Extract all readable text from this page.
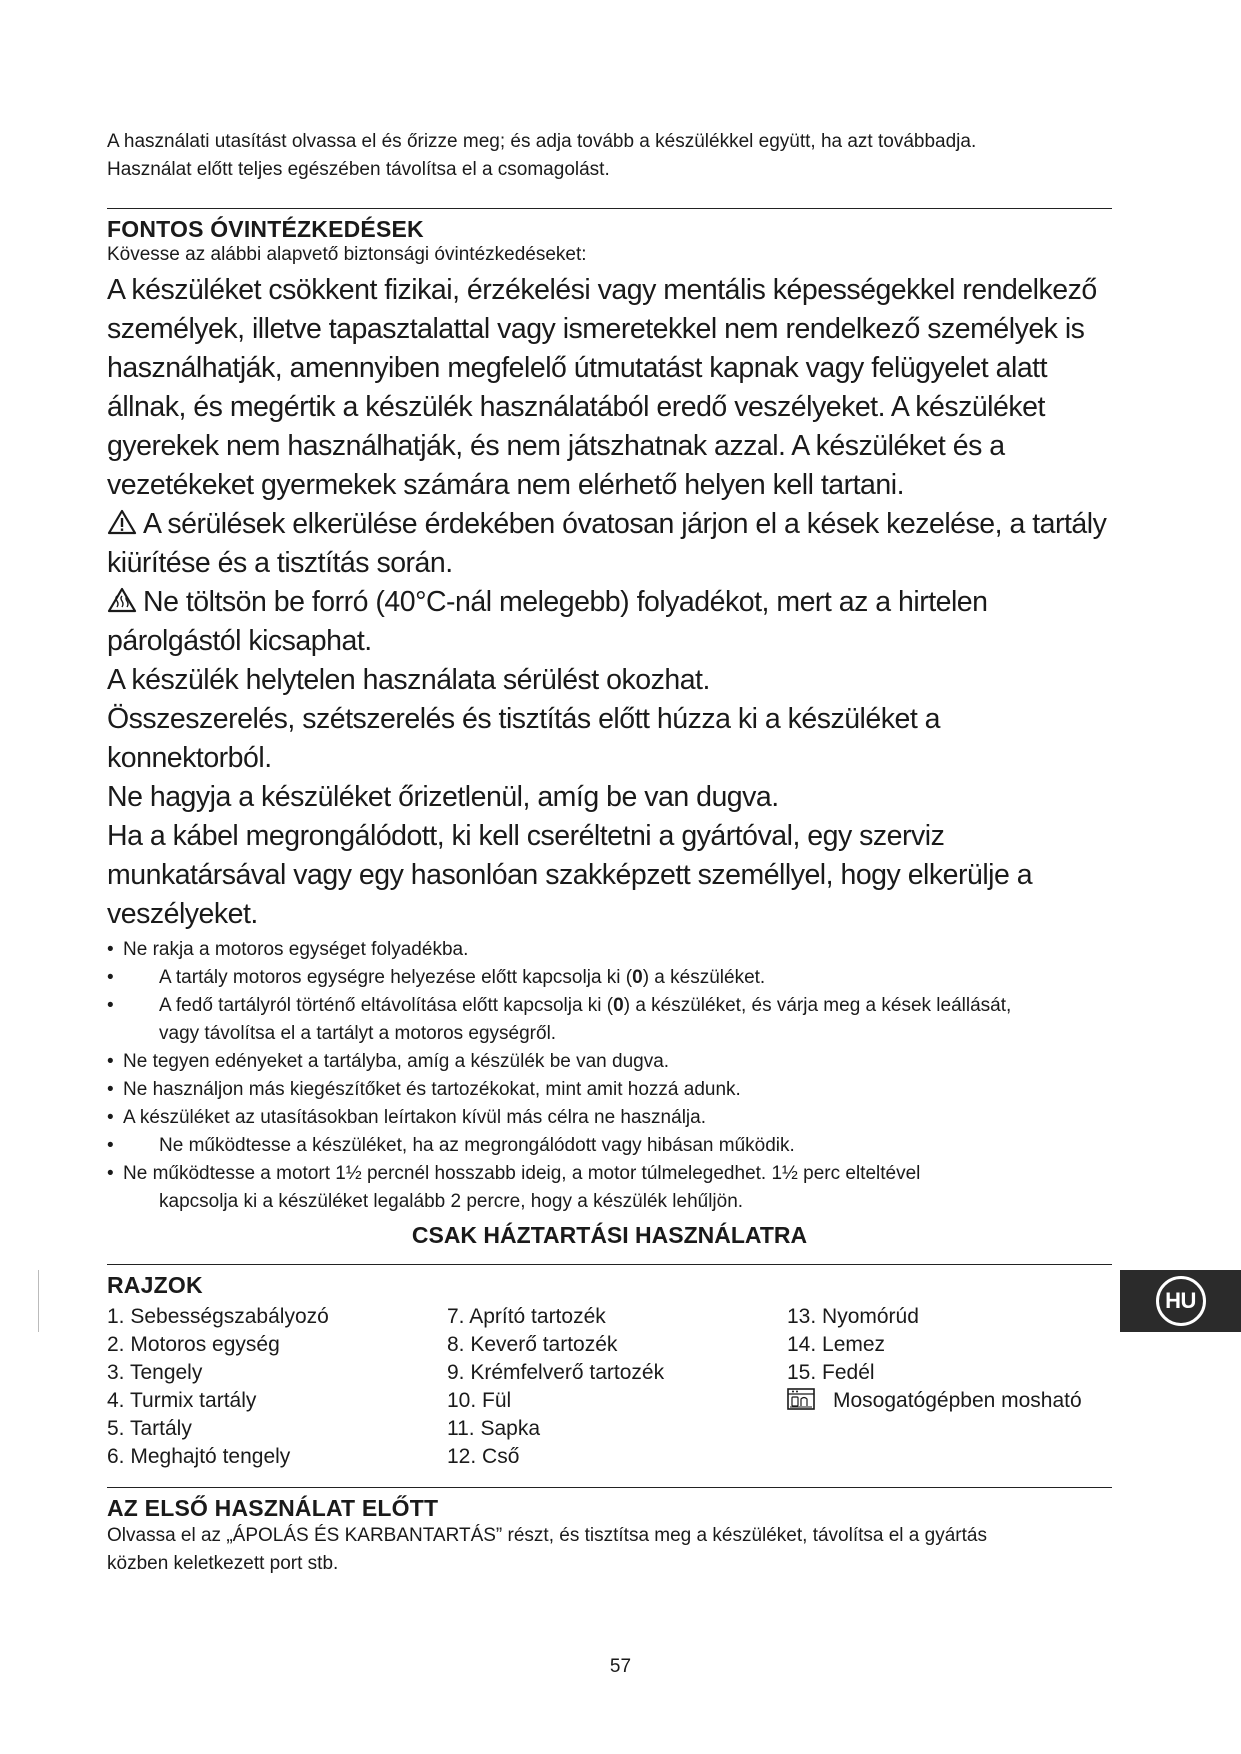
A használati utasítást olvassa el és őrizze meg; és adja tovább a készülékkel együtt, ha azt továbbadja.
Használat előtt teljes egészében távolítsa el a csomagolást.
FONTOS ÓVINTÉZKEDÉSEK
Kövesse az alábbi alapvető biztonsági óvintézkedéseket:

A készüléket csökkent fizikai, érzékelési vagy mentális képességekkel rendelkező személyek, illetve tapasztalattal vagy ismeretekkel nem rendelkező személyek is használhatják, amennyiben megfelelő útmutatást kapnak vagy felügyelet alatt állnak, és megértik a készülék használatából eredő veszélyeket. A készüléket gyerekek nem használhatják, és nem játszhatnak azzal. A készüléket és a vezetékeket gyermekek számára nem elérhető helyen kell tartani.

A sérülések elkerülése érdekében óvatosan járjon el a kések kezelése, a tartály kiürítése és a tisztítás során.

Ne töltsön be forró (40°C-nál melegebb) folyadékot, mert az a hirtelen párolgástól kicsaphat.

A készülék helytelen használata sérülést okozhat.

Összeszerelés, szétszerelés és tisztítás előtt húzza ki a készüléket a konnektorból.

Ne hagyja a készüléket őrizetlenül, amíg be van dugva.

Ha a kábel megrongálódott, ki kell cseréltetni a gyártóval, egy szerviz munkatársával vagy egy hasonlóan szakképzett személlyel, hogy elkerülje a veszélyeket.

• Ne rakja a motoros egységet folyadékba.
•	A tartály motoros egységre helyezése előtt kapcsolja ki (0) a készüléket.
•	A fedő tartályról történő eltávolítása előtt kapcsolja ki (0) a készüléket, és várja meg a kések leállását,
vagy távolítsa el a tartályt a motoros egységről.
• Ne tegyen edényeket a tartályba, amíg a készülék be van dugva.
• Ne használjon más kiegészítőket és tartozékokat, mint amit hozzá adunk.
• A készüléket az utasításokban leírtakon kívül más célra ne használja.
•	Ne működtesse a készüléket, ha az megrongálódott vagy hibásan működik.
• Ne működtesse a motort 1½ percnél hosszabb ideig, a motor túlmelegedhet. 1½ perc elteltével
kapcsolja ki a készüléket legalább 2 percre, hogy a készülék lehűljön.
CSAK HÁZTARTÁSI HASZNÁLATRA
RAJZOK
1. Sebességszabályozó
2. Motoros egység
3. Tengely
4. Turmix tartály
5. Tartály
6. Meghajtó tengely
7. Aprító tartozék
8. Keverő tartozék
9. Krémfelverő tartozék
10. Fül
11. Sapka
12. Cső
13. Nyomórúd
14. Lemez
15. Fedél
Mosogatógépben mosható
AZ ELSŐ HASZNÁLAT ELŐTT
Olvassa el az „ÁPOLÁS ÉS KARBANTARTÁS” részt, és tisztítsa meg a készüléket, távolítsa el a gyártás közben keletkezett port stb.
HU
57
